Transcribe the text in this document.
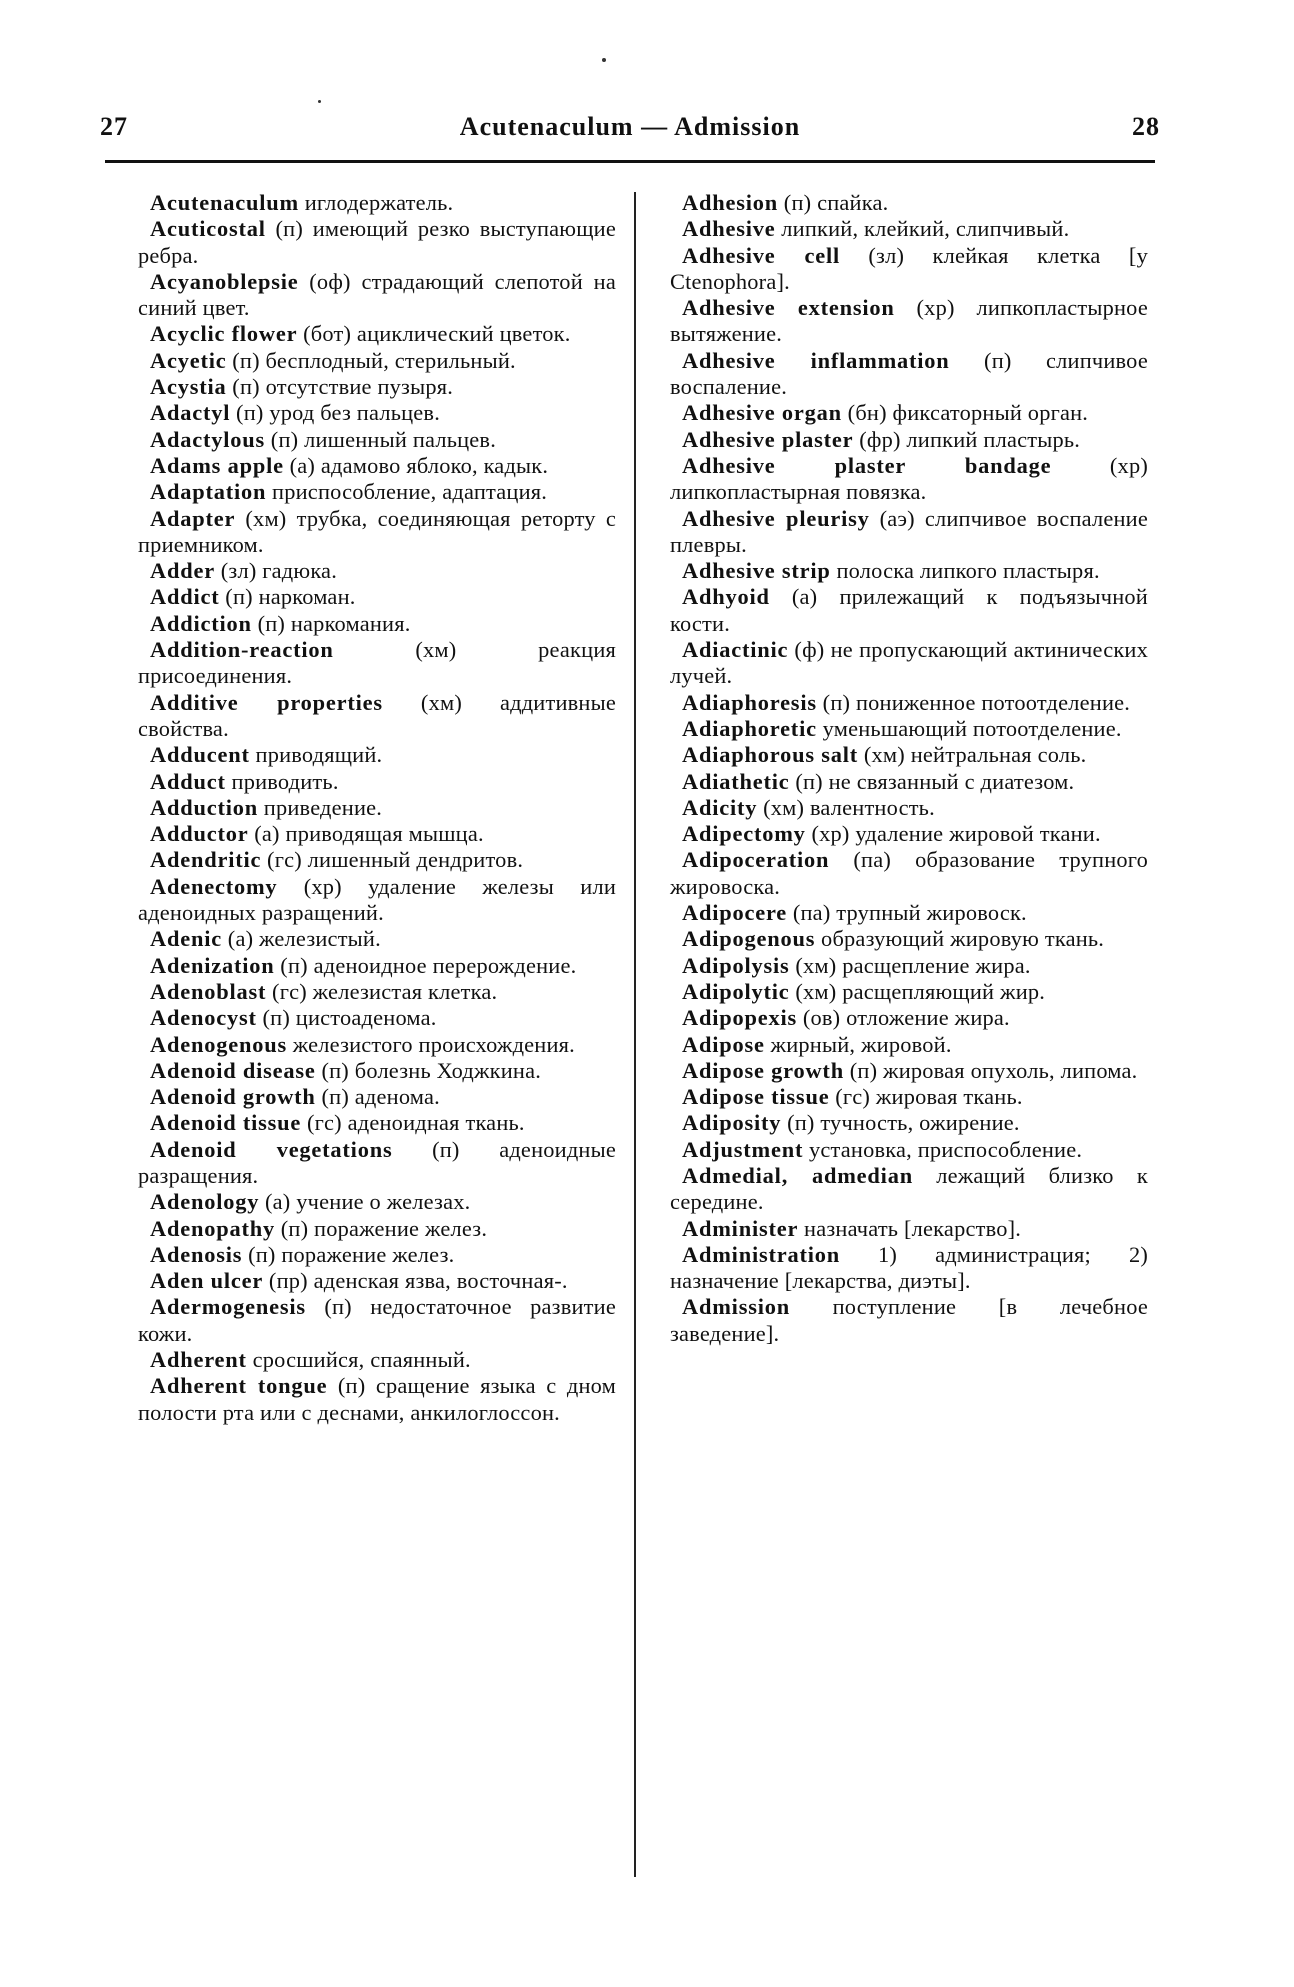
27	Acutenaculum — Admission	28

Acutenaculum иглодержатель.

Acuticostal (п) имеющий резко выступающие ребра.

Acyanoblepsie (оф) страдающий слепотой на синий цвет.

Acyclic flower (бот) ациклический цветок.

Acyetic (п) бесплодный, стерильный.

Acystia (п) отсутствие пузыря.

Adactyl (п) урод без пальцев.

Adactylous (п) лишенный пальцев.

Adams apple (а) адамово яблоко, кадык.

Adaptation приспособление, адаптация.

Adapter (хм) трубка, соединяющая реторту с приемником.

Adder (зл) гадюка.

Addict (п) наркоман.

Addiction (п) наркомания.

Addition-reaction (хм) реакция присоединения.

Additive properties (хм) аддитивные свойства.

Adducent приводящий.

Adduct приводить.

Adduction приведение.

Adductor (а) приводящая мышца.

Adendritic (гс) лишенный дендритов.

Adenectomy (хр) удаление железы или аденоидных разращений.

Adenic (а) железистый.

Adenization (п) аденоидное перерождение.

Adenoblast (гс) железистая клетка.

Adenocyst (п) цистоаденома.

Adenogenous железистого происхождения.

Adenoid disease (п) болезнь Ходжкина.

Adenoid growth (п) аденома.

Adenoid tissue (гс) аденоидная ткань.

Adenoid vegetations (п) аденоидные разращения.

Adenology (а) учение о железах.

Adenopathy (п) поражение желез.

Adenosis (п) поражение желез.

Aden ulcer (пр) аденская язва, восточная-.

Adermogenesis (п) недостаточное развитие кожи.

Adherent сросшийся, спаянный.

Adherent tongue (п) сращение языка с дном полости рта или с деснами, анкилоглоссон.

Adhesion (п) спайка.

Adhesive липкий, клейкий, слипчивый.

Adhesive cell (зл) клейкая клетка [у Ctenophora].

Adhesive extension (хр) липкопластырное вытяжение.

Adhesive inflammation (п) слипчивое воспаление.

Adhesive organ (бн) фиксаторный орган.

Adhesive plaster (фр) липкий пластырь.

Adhesive plaster bandage (хр) липкопластырная повязка.

Adhesive pleurisy (аэ) слипчивое воспаление плевры.

Adhesive strip полоска липкого пластыря.

Adhyoid (а) прилежащий к подъязычной кости.

Adiactinic (ф) не пропускающий актинических лучей.

Adiaphoresis (п) пониженное потоотделение.

Adiaphoretic уменьшающий потоотделение.

Adiaphorous salt (хм) нейтральная соль.

Adiathetic (п) не связанный с диатезом.

Adicity (хм) валентность.

Adipectomy (хр) удаление жировой ткани.

Adipoceration (па) образование трупного жировоска.

Adipocere (па) трупный жировоск.

Adipogenous образующий жировую ткань.

Adipolysis (хм) расщепление жира.

Adipolytic (хм) расщепляющий жир.

Adipopexis (ов) отложение жира.

Adipose жирный, жировой.

Adipose growth (п) жировая опухоль, липома.

Adipose tissue (гс) жировая ткань.

Adiposity (п) тучность, ожирение.

Adjustment установка, приспособление.

Admedial, admedian лежащий близко к середине.

Administer назначать [лекарство].

Administration 1) администрация; 2) назначение [лекарства, диэты].

Admission поступление [в лечебное заведение].
